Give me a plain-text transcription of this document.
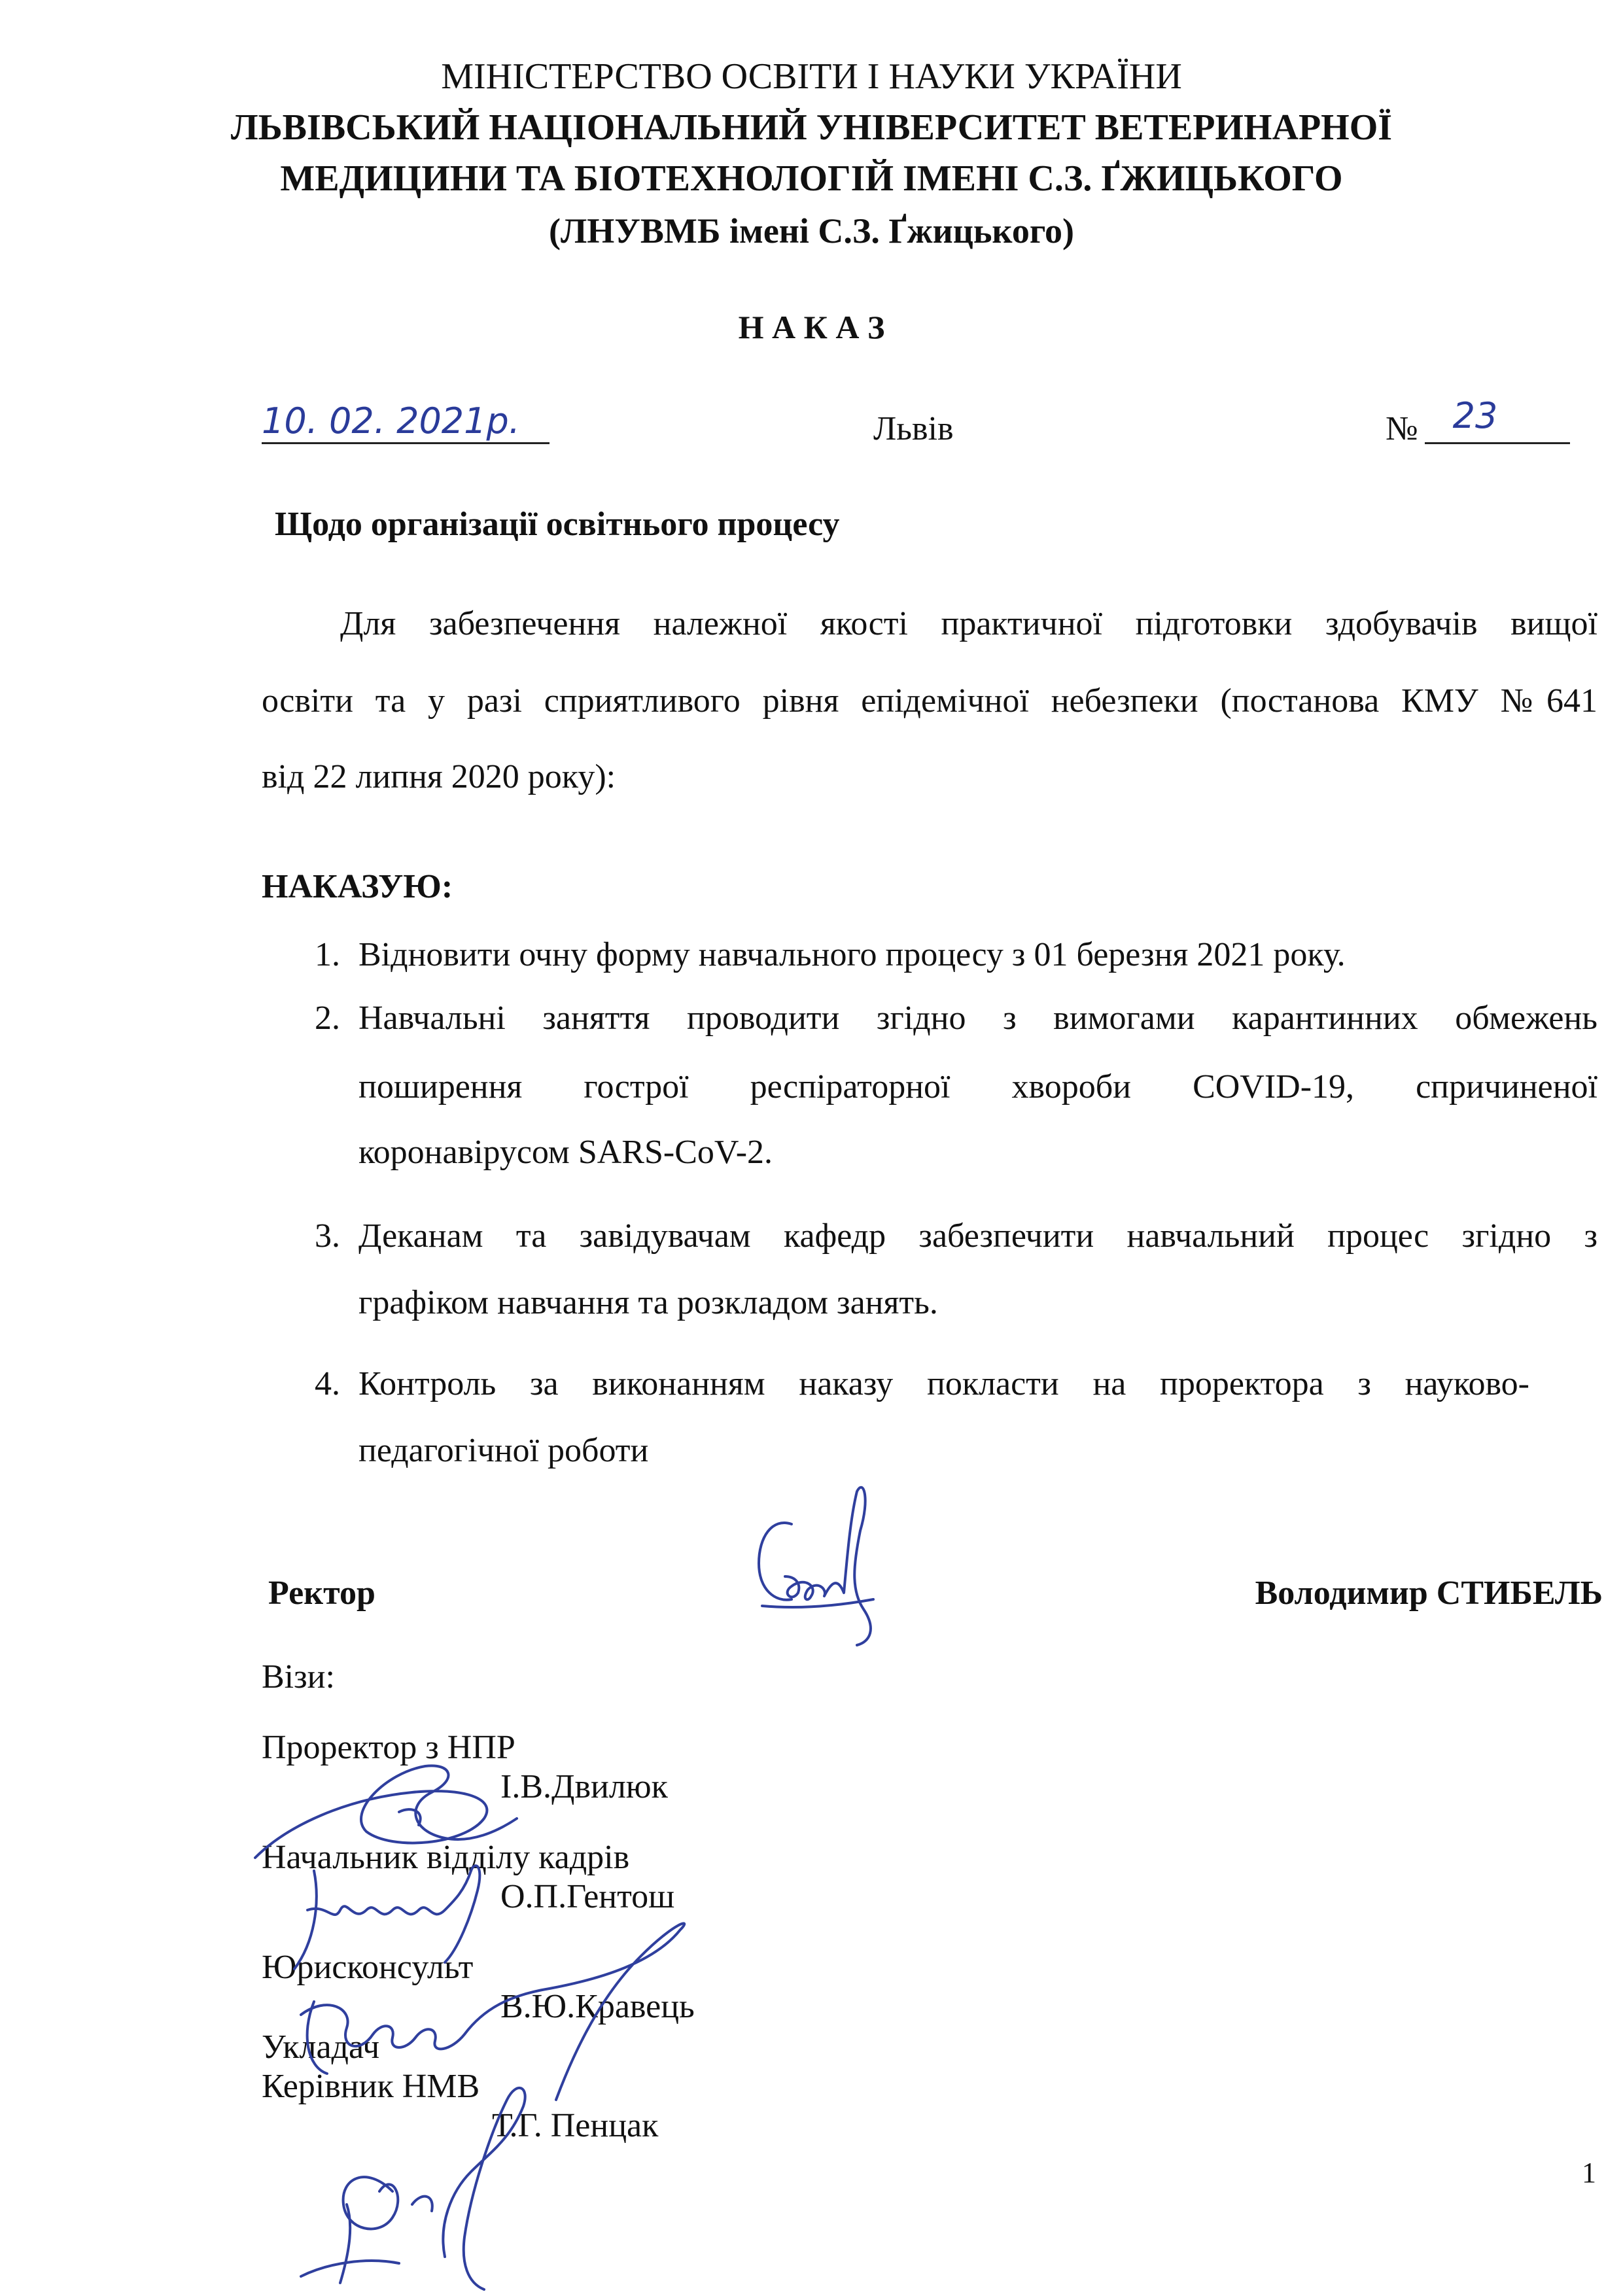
МІНІСТЕРСТВО ОСВІТИ І НАУКИ УКРАЇНИ
ЛЬВІВСЬКИЙ НАЦІОНАЛЬНИЙ УНІВЕРСИТЕТ ВЕТЕРИНАРНОЇ
МЕДИЦИНИ ТА БІОТЕХНОЛОГІЙ ІМЕНІ С.З. ҐЖИЦЬКОГО
(ЛНУВМБ імені С.З. Ґжицького)
Н А К А З
10. 02. 2021р.	Львів	№ 23
Щодо організації освітнього процесу
Для забезпечення належної якості практичної підготовки здобувачів вищої
освіти та у разі сприятливого рівня епідемічної небезпеки (постанова КМУ №641
від 22 липня 2020 року):
НАКАЗУЮ:
1. Відновити очну форму навчального процесу з 01 березня 2021 року.
2. Навчальні заняття проводити згідно з вимогами карантинних обмежень
поширення гострої респіраторної хвороби COVID-19, спричиненої
коронавірусом SARS-CoV-2.
3. Деканам та завідувачам кафедр забезпечити навчальний процес згідно з
графіком навчання та розкладом занять.
4. Контроль за виконанням наказу покласти на проректора з науково-
педагогічної роботи
Ректор	Володимир СТИБЕЛЬ
Візи:
Проректор з НПР
І.В.Двилюк
Начальник відділу кадрів
О.П.Гентош
Юрисконсульт
В.Ю.Кравець
Укладач
Керівник НМВ
Т.Г. Пенцак
1
